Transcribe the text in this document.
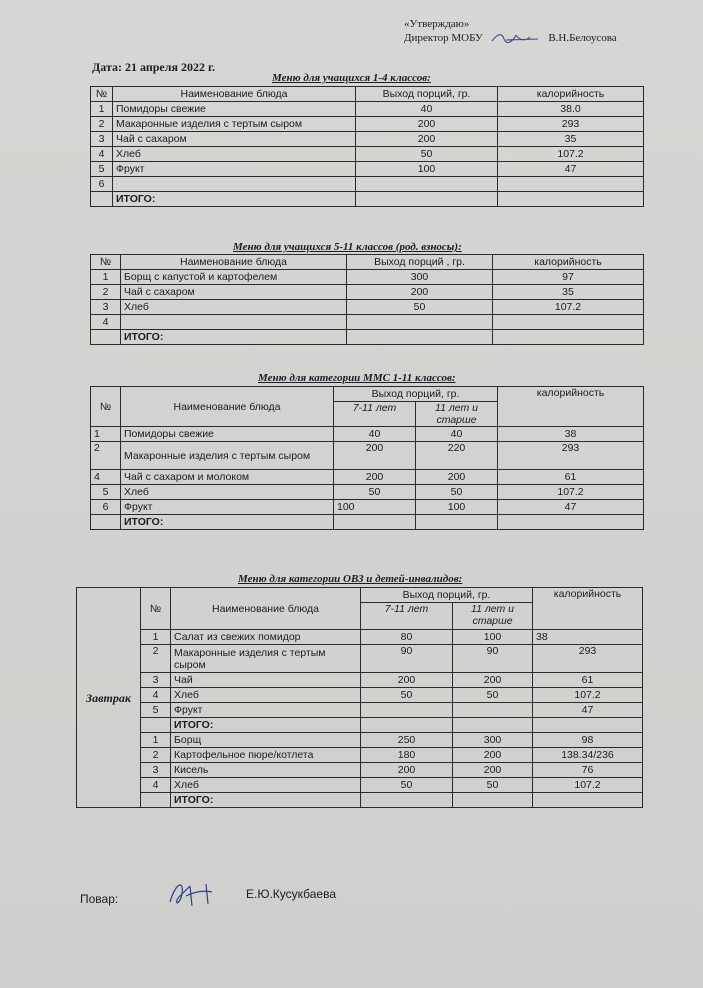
«Утверждаю»
Директор МОБУ	В.Н.Белоусова
Дата: 21 апреля 2022 г.
Меню для учащихся 1-4 классов:
№	Наименование блюда	Выход порций, гр.	калорийность
1	Помидоры свежие	40	38.0
2	Макаронные изделия с тертым сыром	200	293
3	Чай с сахаром	200	35
4	Хлеб	50	107.2
5	Фрукт	100	47
6			
	ИТОГО:		
Меню для учащихся 5-11 классов (род. взносы):
№	Наименование блюда	Выход порций , гр.	калорийность
1	Борщ с капустой и картофелем	300	97
2	Чай с сахаром	200	35
3	Хлеб	50	107.2
4			
	ИТОГО:		
Меню для категории ММС 1-11 классов:
№	Наименование блюда	Выход порций, гр.		калорийность
		7-11 лет	11 лет и старше	
1	Помидоры свежие	40	40	38
2	Макаронные изделия с тертым сыром	200	220	293
4	Чай с сахаром и молоком	200	200	61
5	Хлеб	50	50	107.2
6	Фрукт	100	100	47
	ИТОГО:			
Меню для категории ОВЗ и детей-инвалидов:
Завтрак	№	Наименование блюда	Выход порций, гр.		калорийность
			7-11 лет	11 лет и старше	
	1	Салат из свежих помидор	80	100	38
	2	Макаронные изделия с тертым сыром	90	90	293
	3	Чай	200	200	61
	4	Хлеб	50	50	107.2
	5	Фрукт			47
		ИТОГО:			
	1	Борщ	250	300	98
	2	Картофельное пюре/котлета	180	200	138.34/236
	3	Кисель	200	200	76
	4	Хлеб	50	50	107.2
		ИТОГО:			
Повар:	Е.Ю.Кусукбаева
